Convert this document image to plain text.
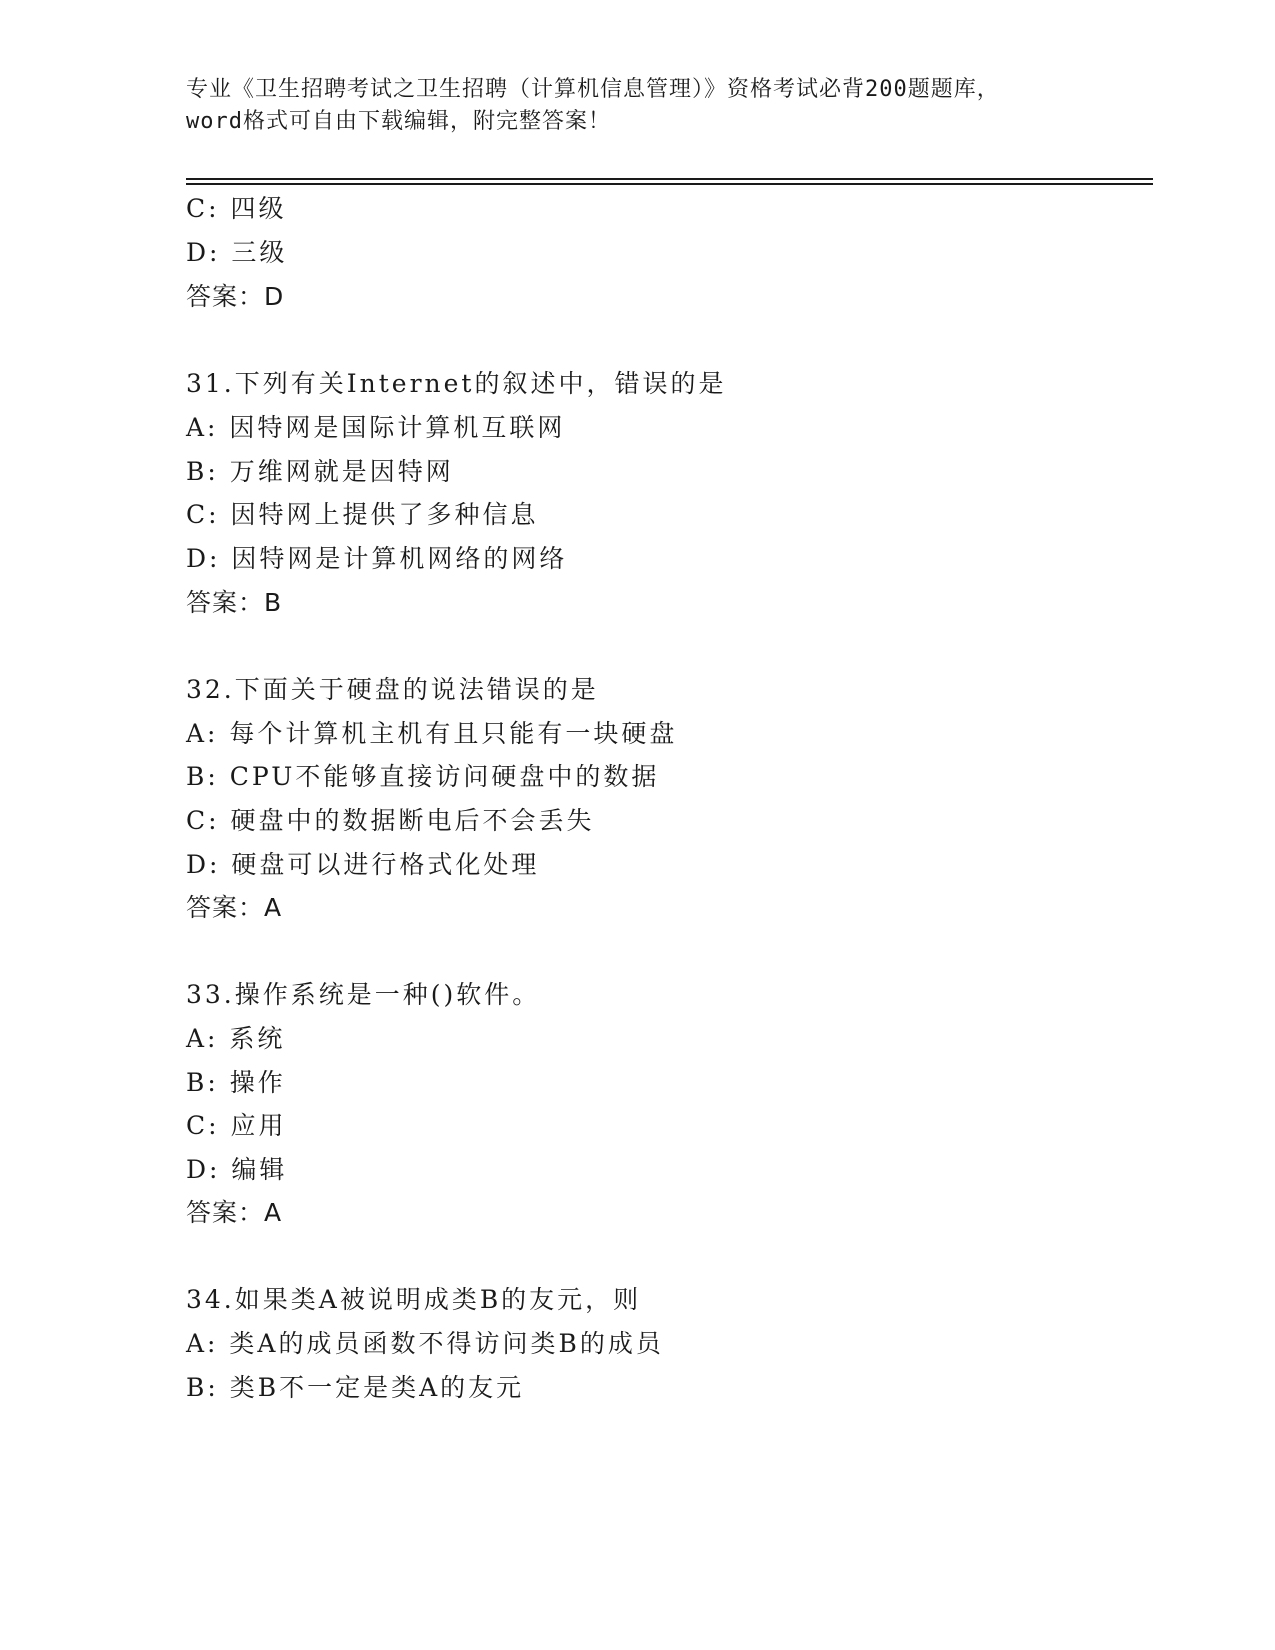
专业《卫生招聘考试之卫生招聘（计算机信息管理）》资格考试必背200题题库，
word格式可自由下载编辑，附完整答案！
C: 四级
D: 三级
答案：D
31.下列有关Internet的叙述中，错误的是
A: 因特网是国际计算机互联网
B: 万维网就是因特网
C: 因特网上提供了多种信息
D: 因特网是计算机网络的网络
答案：B
32.下面关于硬盘的说法错误的是
A: 每个计算机主机有且只能有一块硬盘
B: CPU不能够直接访问硬盘中的数据
C: 硬盘中的数据断电后不会丢失
D: 硬盘可以进行格式化处理
答案：A
33.操作系统是一种()软件。
A: 系统
B: 操作
C: 应用
D: 编辑
答案：A
34.如果类A被说明成类B的友元，则
A: 类A的成员函数不得访问类B的成员
B: 类B不一定是类A的友元
